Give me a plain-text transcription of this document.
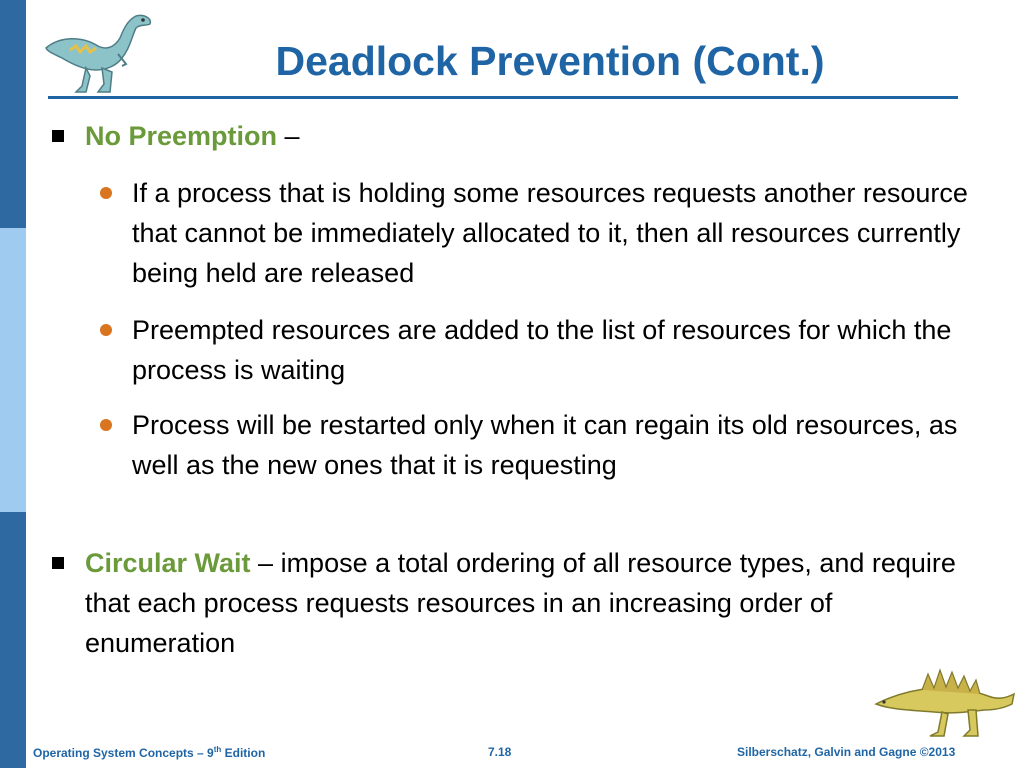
Deadlock Prevention (Cont.)
No Preemption –
If a process that is holding some resources requests another resource that cannot be immediately allocated to it, then all resources currently being held are released
Preempted resources are added to the list of resources for which the process is waiting
Process will be restarted only when it can regain its old resources, as well as the new ones that it is requesting
Circular Wait – impose a total ordering of all resource types, and require that each process requests resources in an increasing order of enumeration
Operating System Concepts – 9th Edition	7.18	Silberschatz, Galvin and Gagne ©2013
